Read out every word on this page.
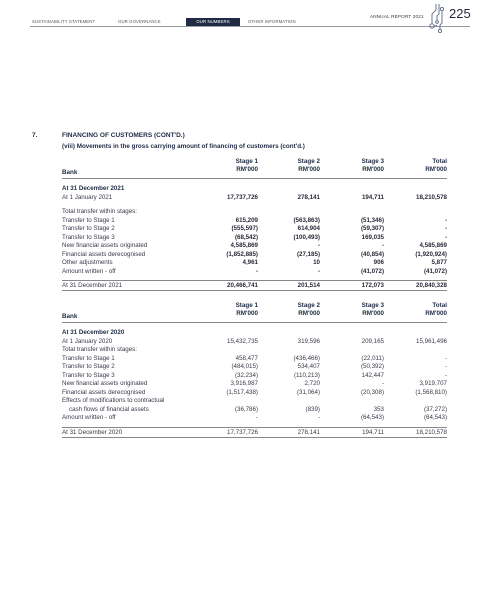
SUSTAINABILITY STATEMENT	OUR GOVERNANCE	OUR NUMBERS	OTHER INFORMATION
ANNUAL REPORT 2021 225
7.	FINANCING OF CUSTOMERS (CONT'D.)
(viii) Movements in the gross carrying amount of financing of customers (cont'd.)
Bank
Stage 1
RM'000
Stage 2
RM'000
Stage 3
RM'000
Total
RM'000
At 31 December 2021
At 1 January 2021	17,737,726	278,141	194,711	18,210,578
Total transfer within stages:
Transfer to Stage 1	615,209	(563,863)	(51,346)	-
Transfer to Stage 2	(555,597)	614,904	(59,307)	-
Transfer to Stage 3	(68,542)	(100,493)	169,035	-
New financial assets originated	4,585,869	-	-	4,585,869
Financial assets derecognised	(1,852,885)	(27,185)	(40,854)	(1,920,924)
Other adjustments	4,961	10	906	5,877
Amount written - off	-	-	(41,072)	(41,072)
At 31 December 2021	20,466,741	201,514	172,073	20,840,328
Bank
Stage 1
RM'000
Stage 2
RM'000
Stage 3
RM'000
Total
RM'000
At 31 December 2020
At 1 January 2020	15,432,735	319,596	209,165	15,961,496
Total transfer within stages:
Transfer to Stage 1	458,477	(436,466)	(22,011)	-
Transfer to Stage 2	(484,015)	534,407	(50,392)	-
Transfer to Stage 3	(32,234)	(110,213)	142,447	-
New financial assets originated	3,916,987	2,720	-	3,919,707
Financial assets derecognised	(1,517,438)	(31,064)	(20,308)	(1,568,810)
Effects of modifications to contractual
cash flows of financial assets	(36,786)	(839)	353	(37,272)
Amount written - off	-	-	(64,543)	(64,543)
At 31 December 2020	17,737,726	278,141	194,711	18,210,578
